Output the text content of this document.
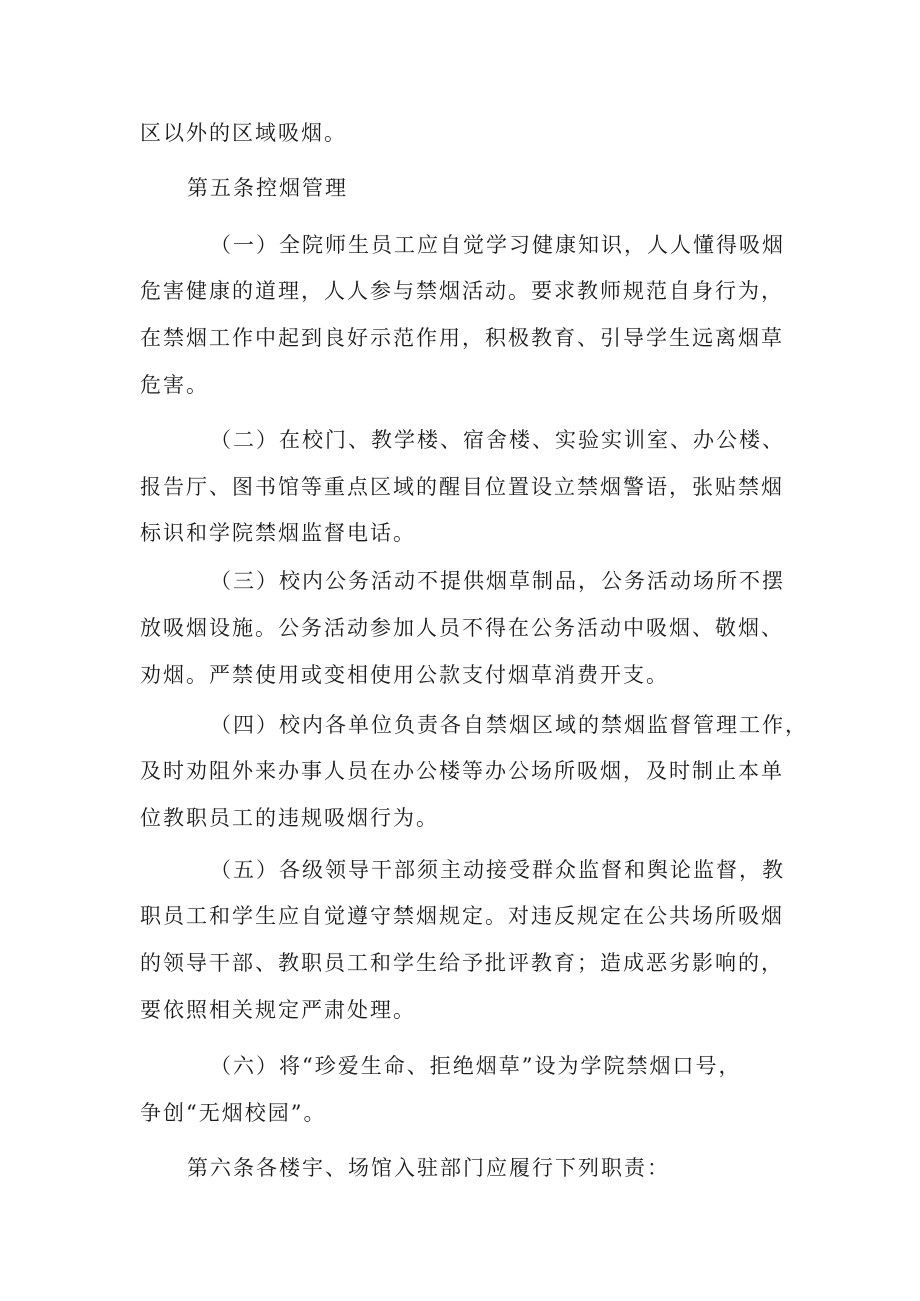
区以外的区域吸烟。
第五条控烟管理
（一）全院师生员工应自觉学习健康知识，人人懂得吸烟
危害健康的道理，人人参与禁烟活动。要求教师规范自身行为，
在禁烟工作中起到良好示范作用，积极教育、引导学生远离烟草
危害。
（二）在校门、教学楼、宿舍楼、实验实训室、办公楼、
报告厅、图书馆等重点区域的醒目位置设立禁烟警语，张贴禁烟
标识和学院禁烟监督电话。
（三）校内公务活动不提供烟草制品，公务活动场所不摆
放吸烟设施。公务活动参加人员不得在公务活动中吸烟、敬烟、
劝烟。严禁使用或变相使用公款支付烟草消费开支。
（四）校内各单位负责各自禁烟区域的禁烟监督管理工作，
及时劝阻外来办事人员在办公楼等办公场所吸烟，及时制止本单
位教职员工的违规吸烟行为。
（五）各级领导干部须主动接受群众监督和舆论监督，教
职员工和学生应自觉遵守禁烟规定。对违反规定在公共场所吸烟
的领导干部、教职员工和学生给予批评教育；造成恶劣影响的，
要依照相关规定严肃处理。
（六）将“珍爱生命、拒绝烟草”设为学院禁烟口号，
争创“无烟校园”。
第六条各楼宇、场馆入驻部门应履行下列职责：
